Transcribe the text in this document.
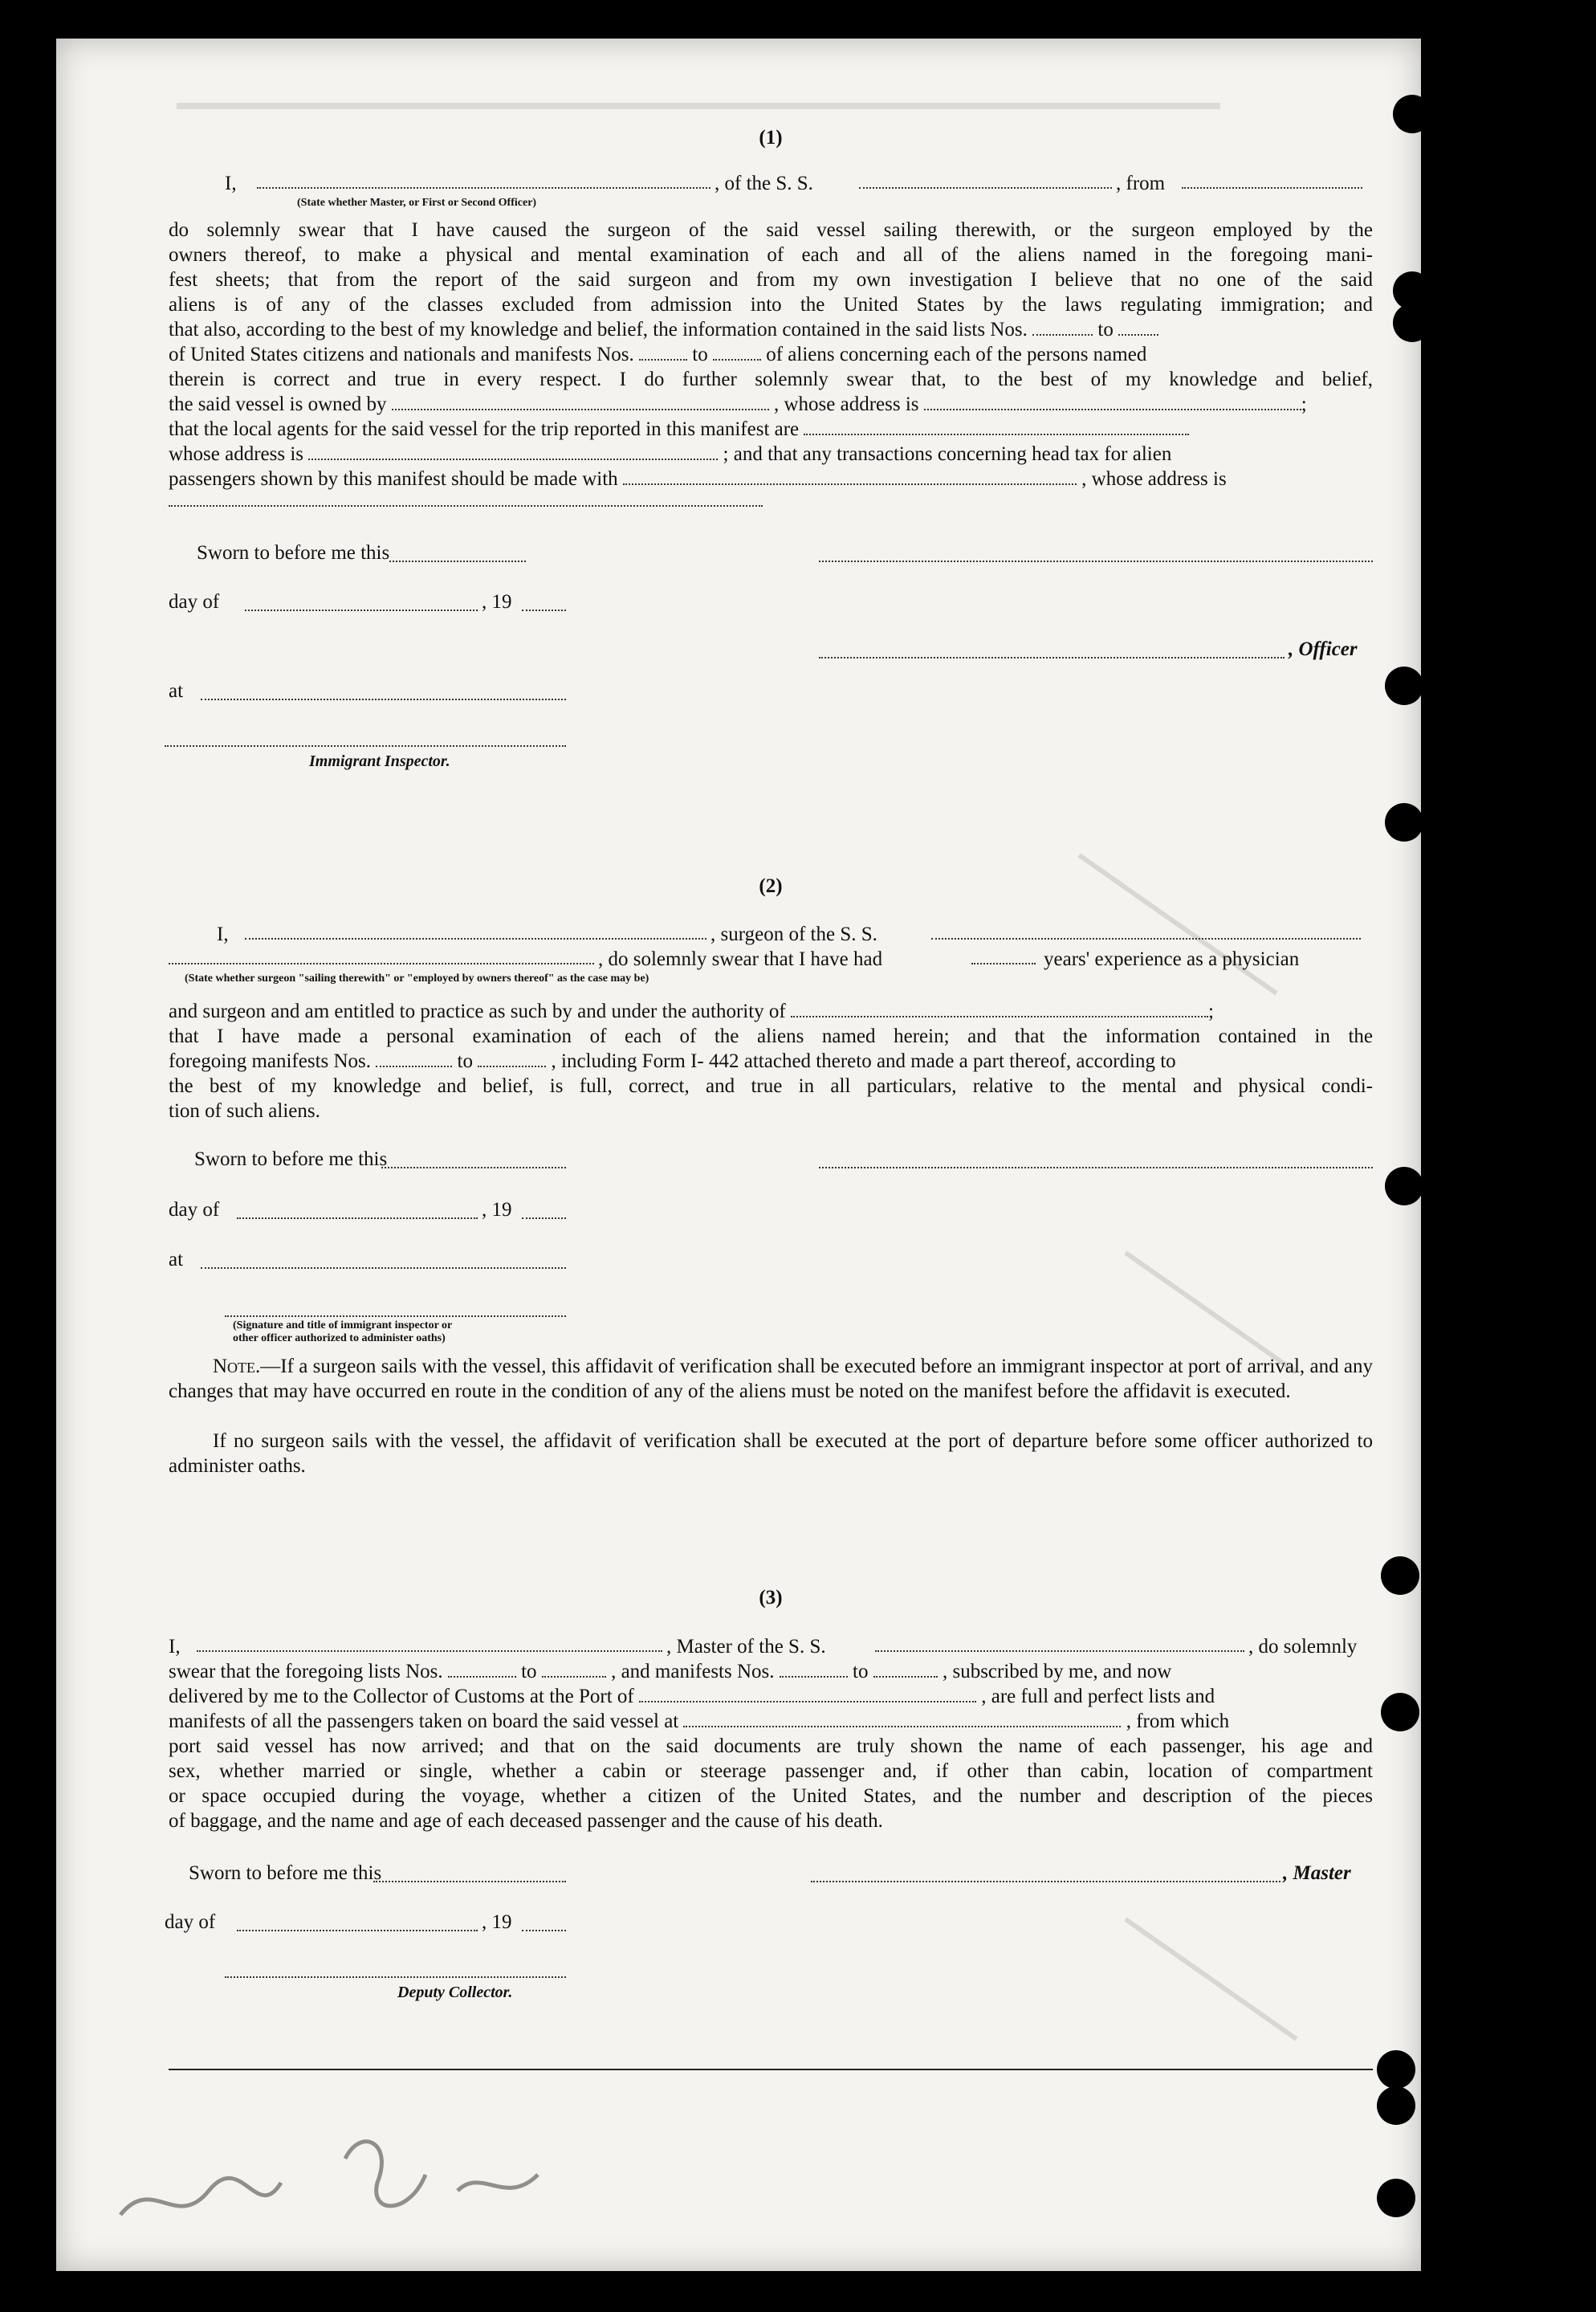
(1)
I,	, of the S. S.	, from
(State whether Master, or First or Second Officer)
do solemnly swear that I have caused the surgeon of the said vessel sailing therewith, or the surgeon employed by the
owners thereof, to make a physical and mental examination of each and all of the aliens named in the foregoing mani-
fest sheets; that from the report of the said surgeon and from my own investigation I believe that no one of the said
aliens is of any of the classes excluded from admission into the United States by the laws regulating immigration; and
that also, according to the best of my knowledge and belief, the information contained in the said lists Nos.	to
of United States citizens and nationals and manifests Nos.	to	of aliens concerning each of the persons named
therein is correct and true in every respect. I do further solemnly swear that, to the best of my knowledge and belief,
the said vessel is owned by	, whose address is	;
that the local agents for the said vessel for the trip reported in this manifest are
whose address is	; and that any transactions concerning head tax for alien
passengers shown by this manifest should be made with	, whose address is
Sworn to before me this
day of	, 19
, Officer
at
Immigrant Inspector.
(2)
I,	, surgeon of the S. S.
, do solemnly swear that I have had	years' experience as a physician
(State whether surgeon "sailing therewith" or "employed by owners thereof" as the case may be)
and surgeon and am entitled to practice as such by and under the authority of	;
that I have made a personal examination of each of the aliens named herein; and that the information contained in the
foregoing manifests Nos.	to	, including Form I- 442 attached thereto and made a part thereof, according to
the best of my knowledge and belief, is full, correct, and true in all particulars, relative to the mental and physical condi-
tion of such aliens.
Sworn to before me this
day of	, 19
at
(Signature and title of immigrant inspector or
other officer authorized to administer oaths)
Note.—If a surgeon sails with the vessel, this affidavit of verification shall be executed before an immigrant inspector at port of arrival, and any changes that may have occurred en route in the condition of any of the aliens must be noted on the manifest before the affidavit is executed.
If no surgeon sails with the vessel, the affidavit of verification shall be executed at the port of departure before some officer authorized to administer oaths.
(3)
I,	, Master of the S. S.	, do solemnly
swear that the foregoing lists Nos.	to	, and manifests Nos.	to	, subscribed by me, and now
delivered by me to the Collector of Customs at the Port of	, are full and perfect lists and
manifests of all the passengers taken on board the said vessel at	, from which
port said vessel has now arrived; and that on the said documents are truly shown the name of each passenger, his age and
sex, whether married or single, whether a cabin or steerage passenger and, if other than cabin, location of compartment
or space occupied during the voyage, whether a citizen of the United States, and the number and description of the pieces
of baggage, and the name and age of each deceased passenger and the cause of his death.
Sworn to before me this	, Master
day of	, 19
Deputy Collector.
